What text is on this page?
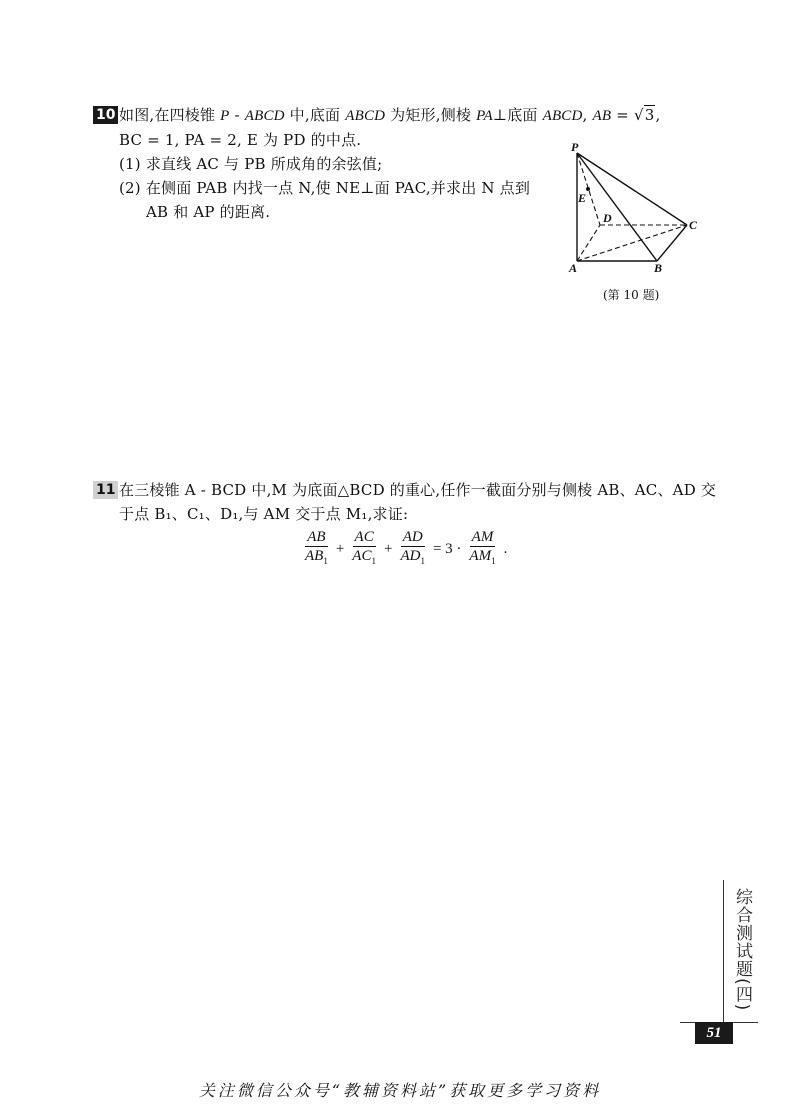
10 如图,在四棱锥 P - ABCD 中,底面 ABCD 为矩形,侧棱 PA⊥底面 ABCD, AB = √3,
BC = 1, PA = 2, E 为 PD 的中点.
(1) 求直线 AC 与 PB 所成角的余弦值;
(2) 在侧面 PAB 内找一点 N,使 NE⊥面 PAC,并求出 N 点到
AB 和 AP 的距离.
P
E
D	C
A	B
(第 10 题)
11 在三棱锥 A - BCD 中,M 为底面△BCD 的重心,任作一截面分别与侧棱 AB、AC、AD 交
于点 B₁、C₁、D₁,与 AM 交于点 M₁,求证:
$\frac{AB}{AB_1} + \frac{AC}{AC_1} + \frac{AD}{AD_1} = 3 \cdot \frac{AM}{AM_1}$ .
综合测试题(四)
51
关注微信公众号“教辅资料站”获取更多学习资料
